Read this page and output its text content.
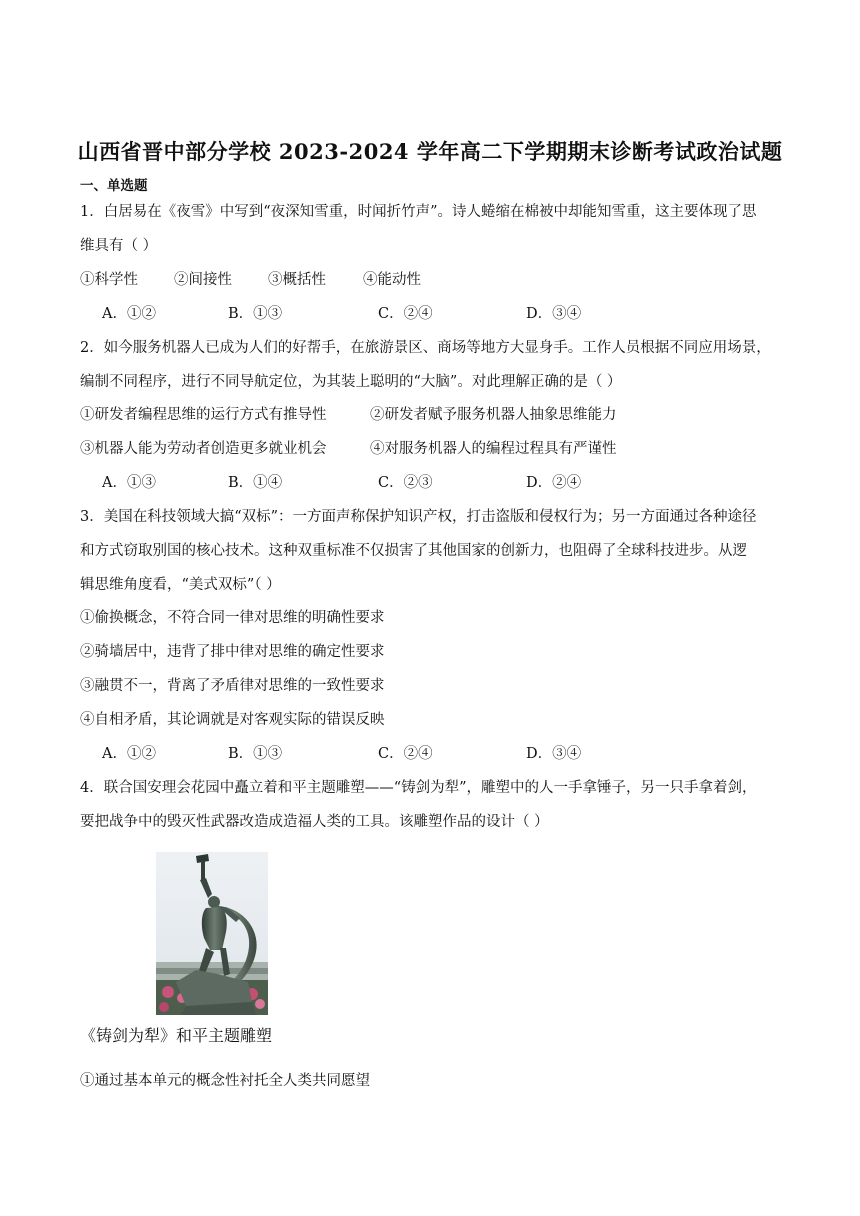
山西省晋中部分学校 2023-2024 学年高二下学期期末诊断考试政治试题
一、单选题
1．白居易在《夜雪》中写到“夜深知雪重，时闻折竹声”。诗人蜷缩在棉被中却能知雪重，这主要体现了思
维具有（ ）
①科学性 ②间接性 ③概括性	④能动性
A．①②	B．①③	C．②④	D．③④
2．如今服务机器人已成为人们的好帮手，在旅游景区、商场等地方大显身手。工作人员根据不同应用场景，
编制不同程序，进行不同导航定位，为其装上聪明的“大脑”。对此理解正确的是（ ）
①研发者编程思维的运行方式有推导性	②研发者赋予服务机器人抽象思维能力
③机器人能为劳动者创造更多就业机会	④对服务机器人的编程过程具有严谨性
A．①③	B．①④	C．②③	D．②④
3．美国在科技领域大搞“双标”：一方面声称保护知识产权，打击盗版和侵权行为；另一方面通过各种途径
和方式窃取别国的核心技术。这种双重标准不仅损害了其他国家的创新力，也阻碍了全球科技进步。从逻
辑思维角度看，“美式双标”（ ）
①偷换概念，不符合同一律对思维的明确性要求
②骑墙居中，违背了排中律对思维的确定性要求
③融贯不一，背离了矛盾律对思维的一致性要求
④自相矛盾，其论调就是对客观实际的错误反映
A．①②	B．①③	C．②④	D．③④
4．联合国安理会花园中矗立着和平主题雕塑——“铸剑为犁”，雕塑中的人一手拿锤子，另一只手拿着剑，
要把战争中的毁灭性武器改造成造福人类的工具。该雕塑作品的设计（ ）
《铸剑为犁》和平主题雕塑
①通过基本单元的概念性衬托全人类共同愿望
